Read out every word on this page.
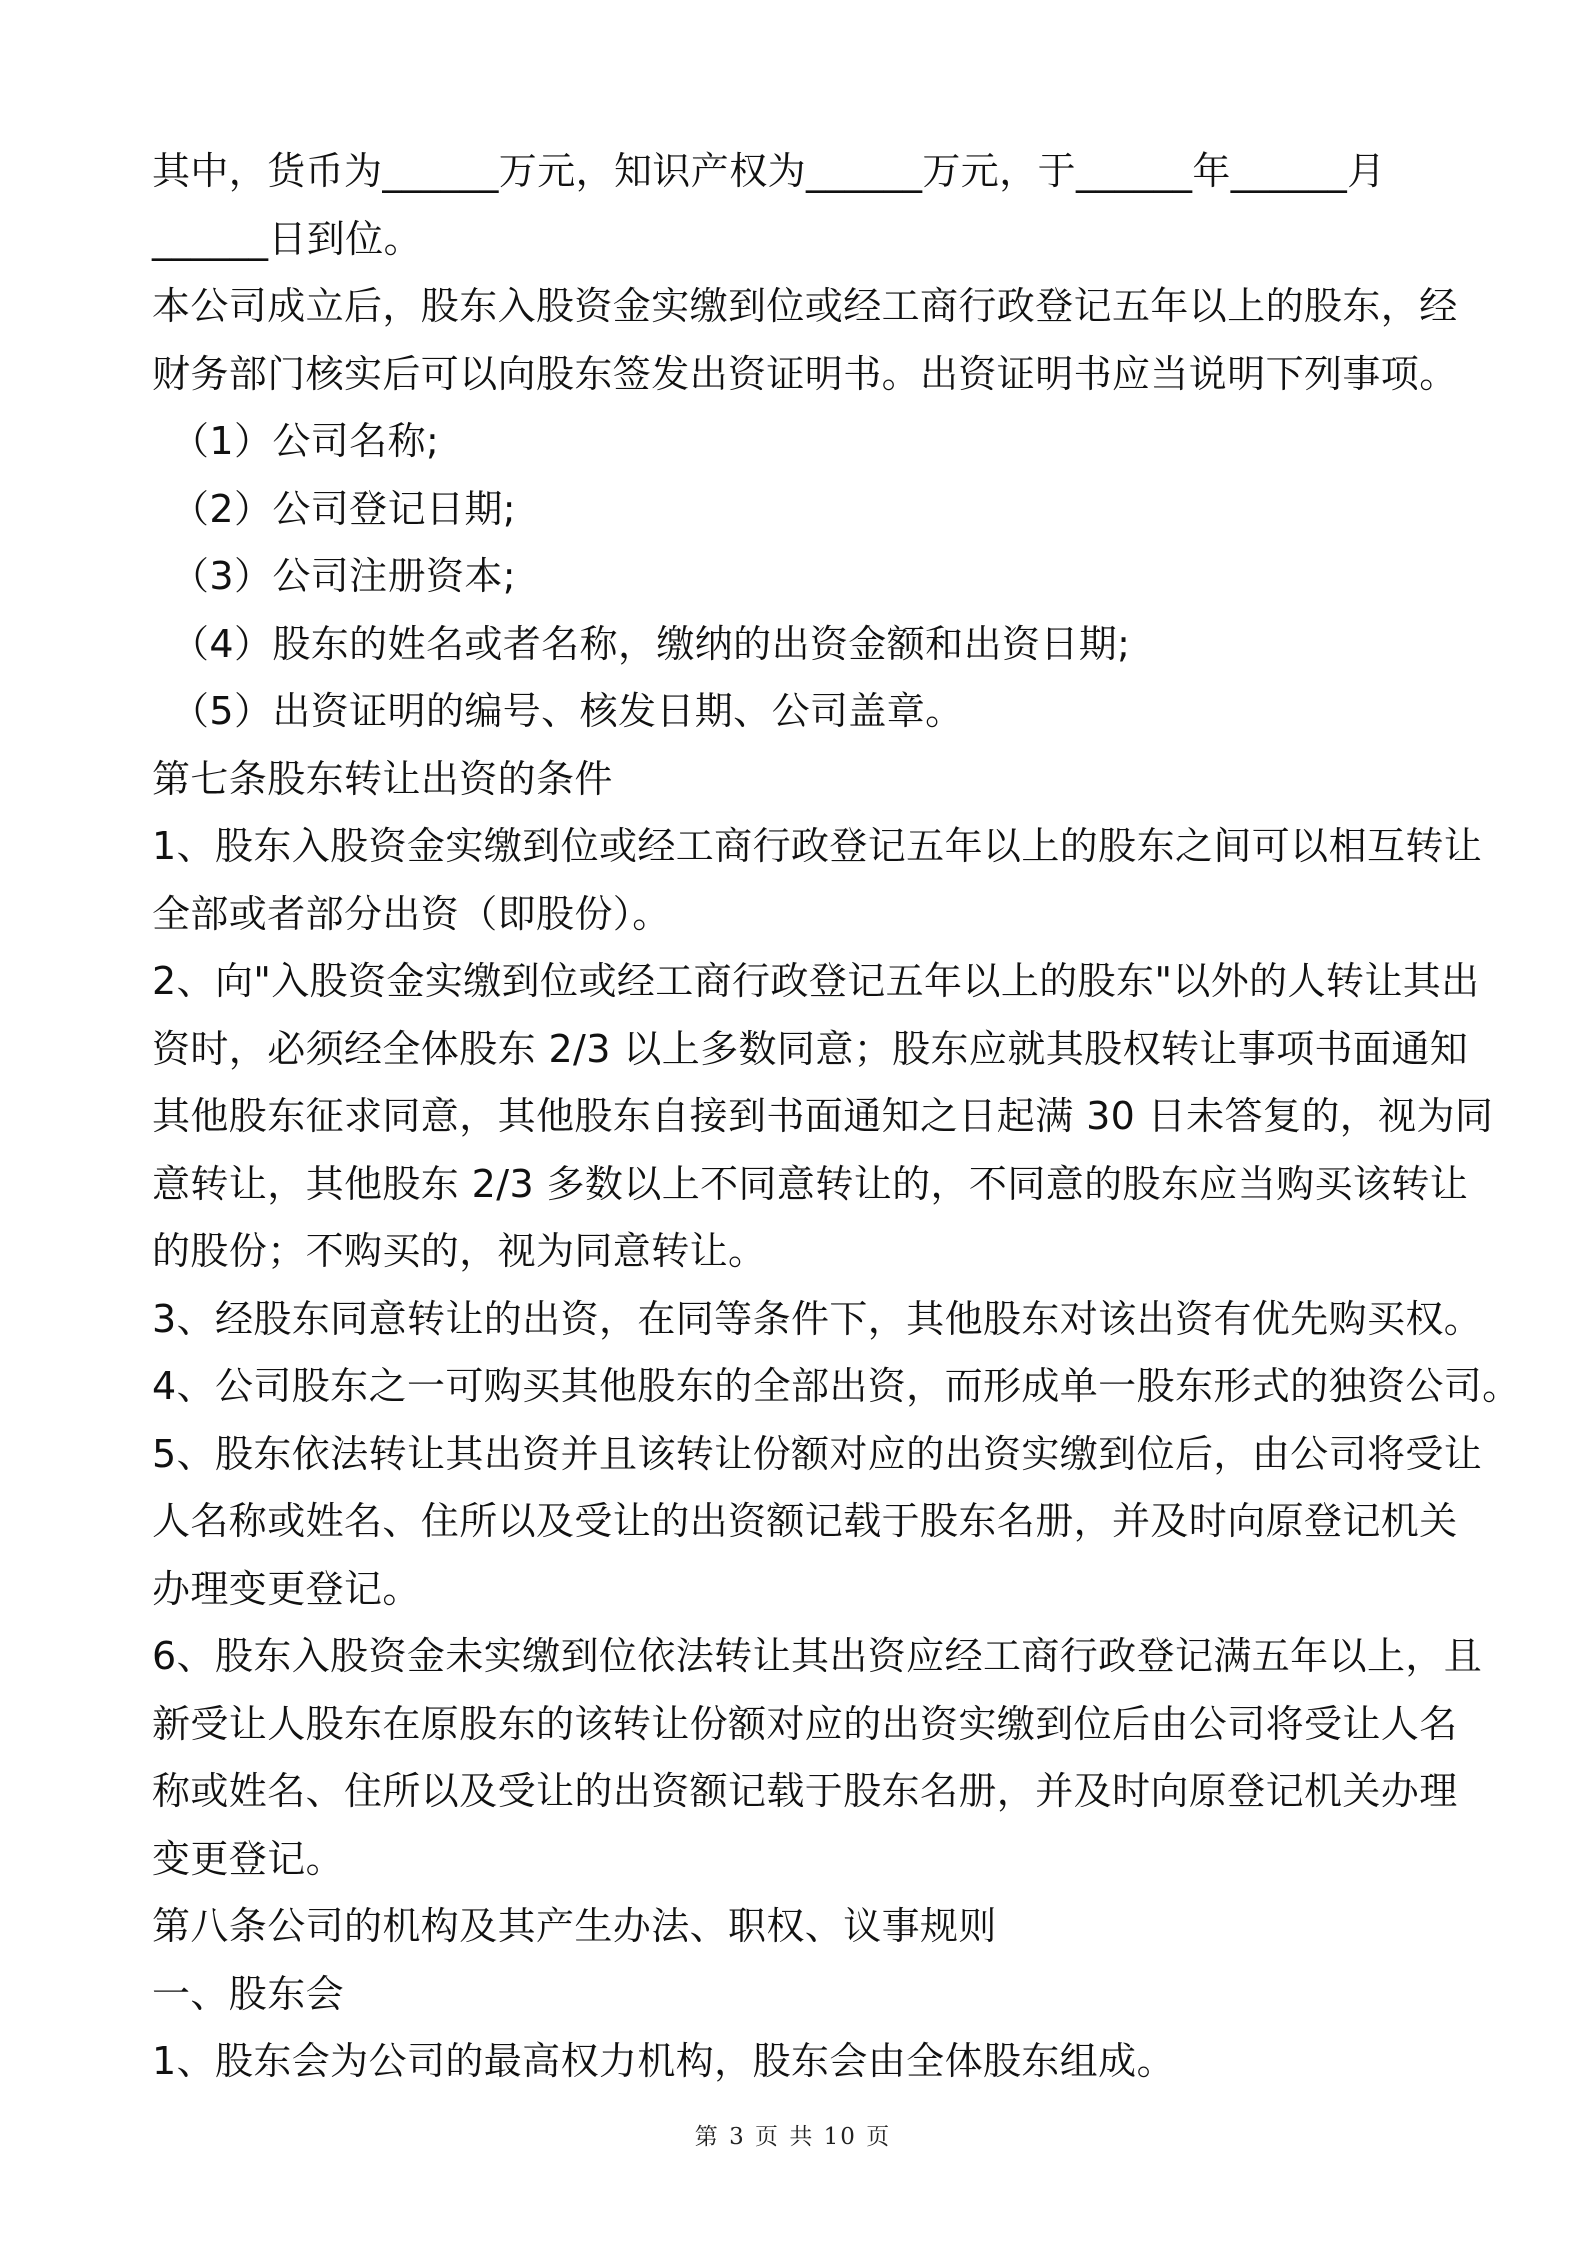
其中，货币为______万元，知识产权为______万元，于______年______月
______日到位。
本公司成立后，股东入股资金实缴到位或经工商行政登记五年以上的股东，经
财务部门核实后可以向股东签发出资证明书。出资证明书应当说明下列事项。
（1）公司名称;
（2）公司登记日期;
（3）公司注册资本;
（4）股东的姓名或者名称，缴纳的出资金额和出资日期;
（5）出资证明的编号、核发日期、公司盖章。
第七条股东转让出资的条件
1、股东入股资金实缴到位或经工商行政登记五年以上的股东之间可以相互转让
全部或者部分出资（即股份）。
2、向"入股资金实缴到位或经工商行政登记五年以上的股东"以外的人转让其出
资时，必须经全体股东 2/3 以上多数同意；股东应就其股权转让事项书面通知
其他股东征求同意，其他股东自接到书面通知之日起满 30 日未答复的，视为同
意转让，其他股东 2/3 多数以上不同意转让的，不同意的股东应当购买该转让
的股份；不购买的，视为同意转让。
3、经股东同意转让的出资，在同等条件下，其他股东对该出资有优先购买权。
4、公司股东之一可购买其他股东的全部出资，而形成单一股东形式的独资公司。
5、股东依法转让其出资并且该转让份额对应的出资实缴到位后，由公司将受让
人名称或姓名、住所以及受让的出资额记载于股东名册，并及时向原登记机关
办理变更登记。
6、股东入股资金未实缴到位依法转让其出资应经工商行政登记满五年以上，且
新受让人股东在原股东的该转让份额对应的出资实缴到位后由公司将受让人名
称或姓名、住所以及受让的出资额记载于股东名册，并及时向原登记机关办理
变更登记。
第八条公司的机构及其产生办法、职权、议事规则
一、股东会
1、股东会为公司的最高权力机构，股东会由全体股东组成。
第 3 页 共 10 页
